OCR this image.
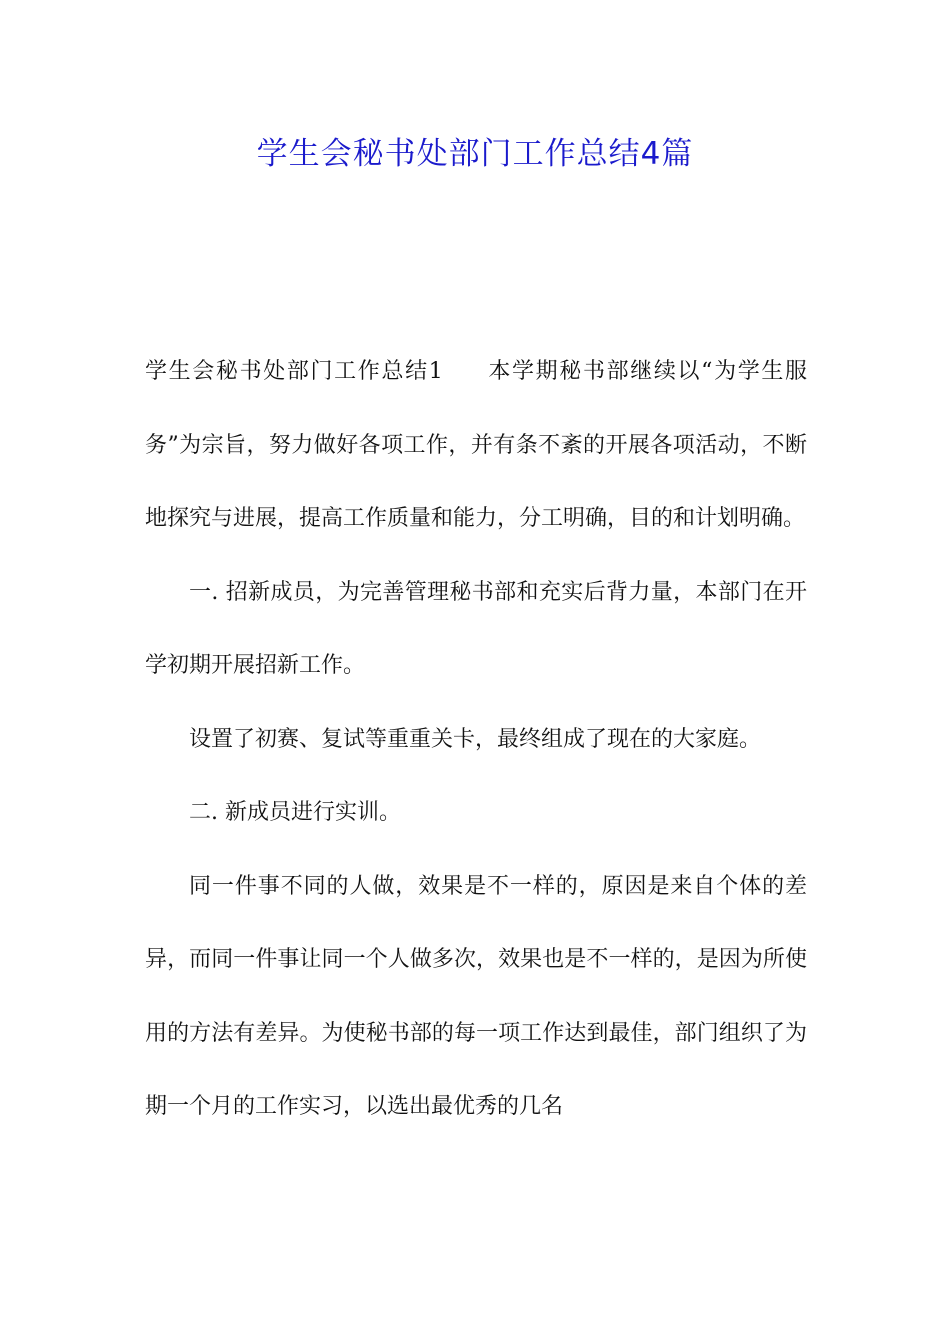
学生会秘书处部门工作总结4篇

学生会秘书处部门工作总结1 本学期秘书部继续以“为学生服务”为宗旨，努力做好各项工作，并有条不紊的开展各项活动，不断地探究与进展，提高工作质量和能力，分工明确，目的和计划明确。

一. 招新成员，为完善管理秘书部和充实后背力量，本部门在开学初期开展招新工作。

设置了初赛、复试等重重关卡，最终组成了现在的大家庭。

二. 新成员进行实训。

同一件事不同的人做，效果是不一样的，原因是来自个体的差异，而同一件事让同一个人做多次，效果也是不一样的，是因为所使用的方法有差异。为使秘书部的每一项工作达到最佳，部门组织了为期一个月的工作实习，以选出最优秀的几名
